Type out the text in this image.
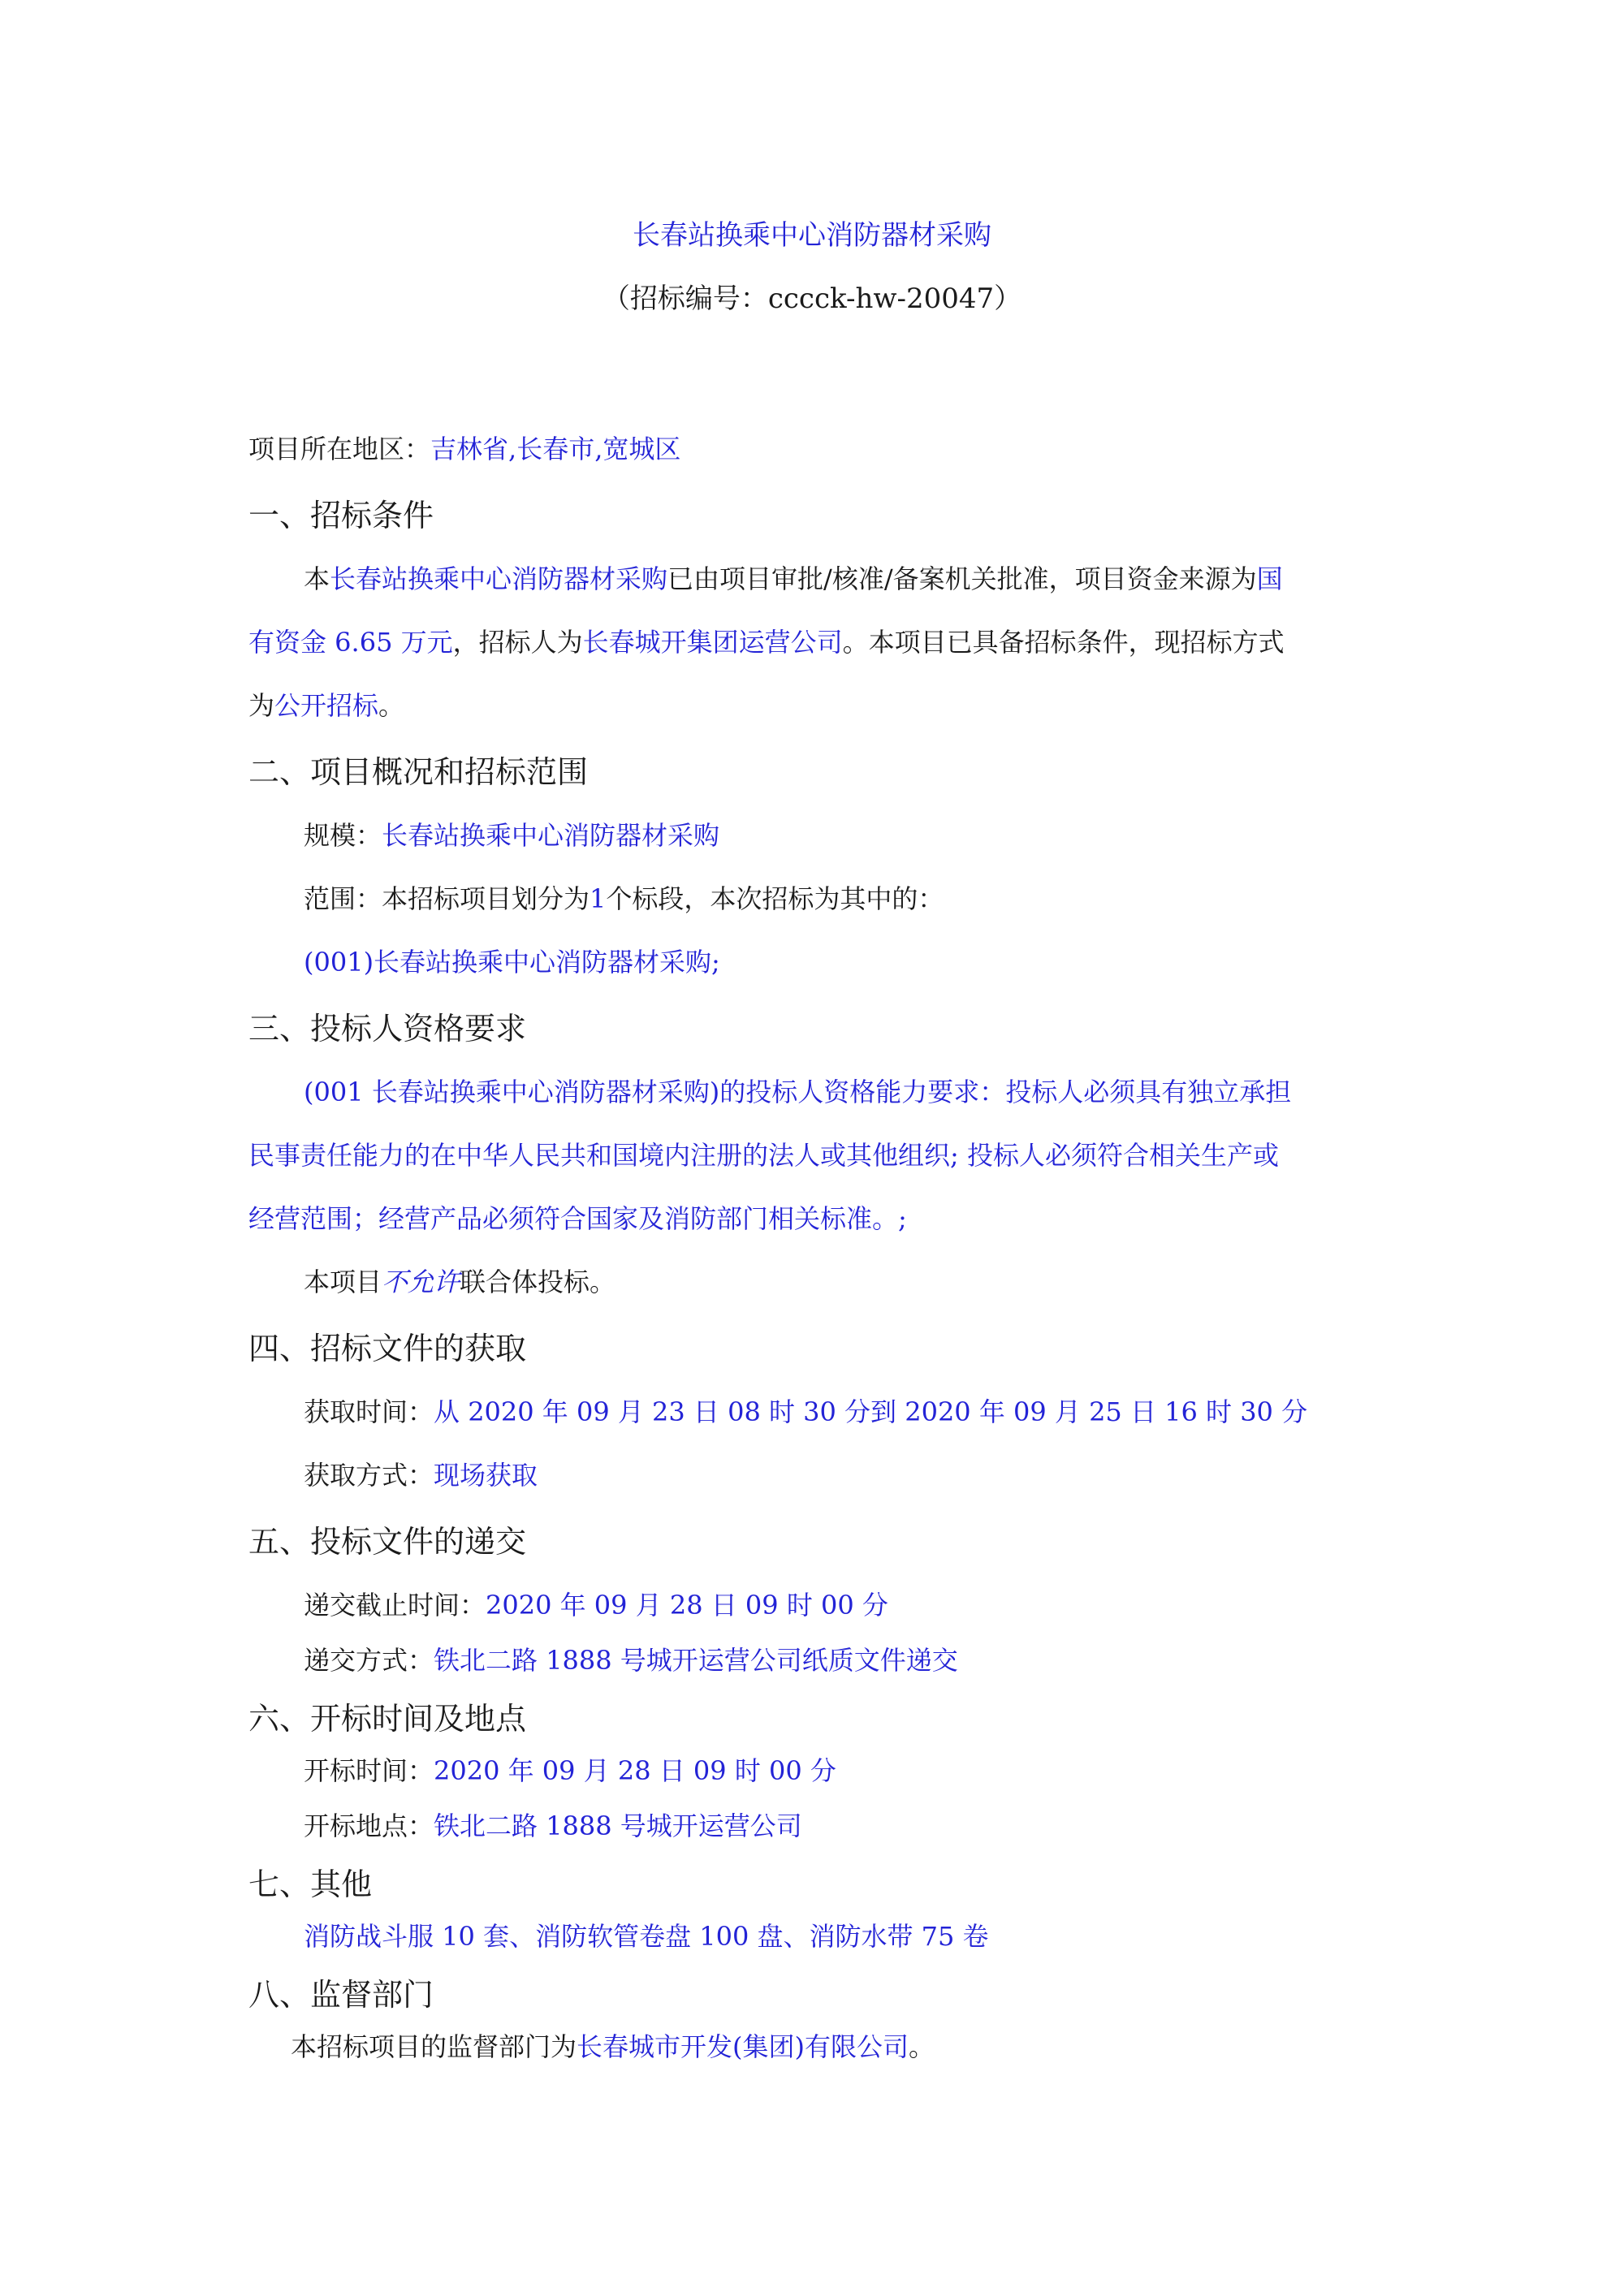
长春站换乘中心消防器材采购
（招标编号：cccck-hw-20047）
项目所在地区：吉林省,长春市,宽城区
一、招标条件
本长春站换乘中心消防器材采购已由项目审批/核准/备案机关批准，项目资金来源为国
有资金 6.65 万元，招标人为长春城开集团运营公司。本项目已具备招标条件，现招标方式
为公开招标。
二、项目概况和招标范围
规模：长春站换乘中心消防器材采购
范围：本招标项目划分为1个标段，本次招标为其中的：
(001)长春站换乘中心消防器材采购;
三、投标人资格要求
(001 长春站换乘中心消防器材采购)的投标人资格能力要求：投标人必须具有独立承担
民事责任能力的在中华人民共和国境内注册的法人或其他组织; 投标人必须符合相关生产或
经营范围；经营产品必须符合国家及消防部门相关标准。;
本项目不允许联合体投标。
四、招标文件的获取
获取时间：从 2020 年 09 月 23 日 08 时 30 分到 2020 年 09 月 25 日 16 时 30 分
获取方式：现场获取
五、投标文件的递交
递交截止时间：2020 年 09 月 28 日 09 时 00 分
递交方式：铁北二路 1888 号城开运营公司纸质文件递交
六、开标时间及地点
开标时间：2020 年 09 月 28 日 09 时 00 分
开标地点：铁北二路 1888 号城开运营公司
七、其他
消防战斗服 10 套、消防软管卷盘 100 盘、消防水带 75 卷
八、监督部门
本招标项目的监督部门为长春城市开发(集团)有限公司。
